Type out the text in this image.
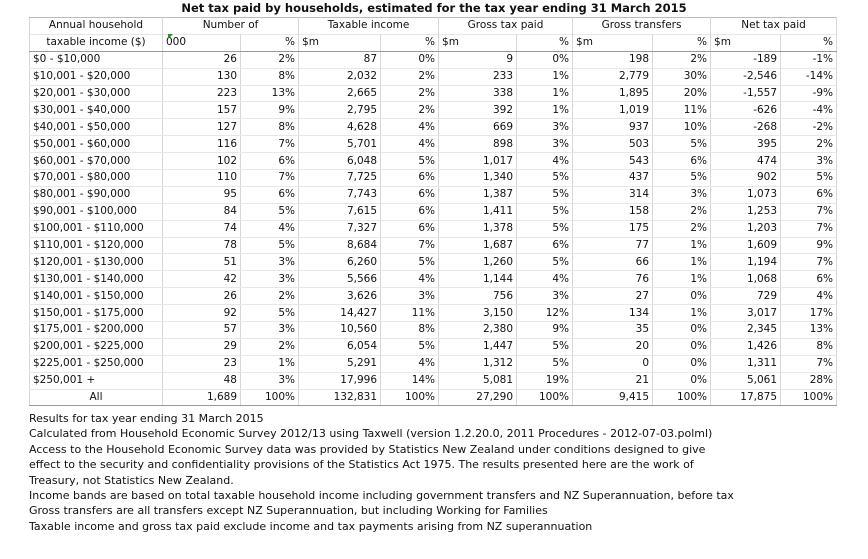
Net tax paid by households, estimated for the tax year ending 31 March 2015
Annual household	Number of		Taxable income		Gross tax paid		Gross transfers		Net tax paid	
taxable income ($)	000	%	$m	%	$m	%	$m	%	$m	%
$0 - $10,000	26	2%	87	0%	9	0%	198	2%	-189	-1%
$10,001 - $20,000	130	8%	2,032	2%	233	1%	2,779	30%	-2,546	-14%
$20,001 - $30,000	223	13%	2,665	2%	338	1%	1,895	20%	-1,557	-9%
$30,001 - $40,000	157	9%	2,795	2%	392	1%	1,019	11%	-626	-4%
$40,001 - $50,000	127	8%	4,628	4%	669	3%	937	10%	-268	-2%
$50,001 - $60,000	116	7%	5,701	4%	898	3%	503	5%	395	2%
$60,001 - $70,000	102	6%	6,048	5%	1,017	4%	543	6%	474	3%
$70,001 - $80,000	110	7%	7,725	6%	1,340	5%	437	5%	902	5%
$80,001 - $90,000	95	6%	7,743	6%	1,387	5%	314	3%	1,073	6%
$90,001 - $100,000	84	5%	7,615	6%	1,411	5%	158	2%	1,253	7%
$100,001 - $110,000	74	4%	7,327	6%	1,378	5%	175	2%	1,203	7%
$110,001 - $120,000	78	5%	8,684	7%	1,687	6%	77	1%	1,609	9%
$120,001 - $130,000	51	3%	6,260	5%	1,260	5%	66	1%	1,194	7%
$130,001 - $140,000	42	3%	5,566	4%	1,144	4%	76	1%	1,068	6%
$140,001 - $150,000	26	2%	3,626	3%	756	3%	27	0%	729	4%
$150,001 - $175,000	92	5%	14,427	11%	3,150	12%	134	1%	3,017	17%
$175,001 - $200,000	57	3%	10,560	8%	2,380	9%	35	0%	2,345	13%
$200,001 - $225,000	29	2%	6,054	5%	1,447	5%	20	0%	1,426	8%
$225,001 - $250,000	23	1%	5,291	4%	1,312	5%	0	0%	1,311	7%
$250,001 +	48	3%	17,996	14%	5,081	19%	21	0%	5,061	28%
All	1,689	100%	132,831	100%	27,290	100%	9,415	100%	17,875	100%
Results for tax year ending 31 March 2015
Calculated from Household Economic Survey 2012/13 using Taxwell (version 1.2.20.0, 2011 Procedures - 2012-07-03.polml)
Access to the Household Economic Survey data was provided by Statistics New Zealand under conditions designed to give
effect to the security and confidentiality provisions of the Statistics Act 1975. The results presented here are the work of
Treasury, not Statistics New Zealand.
Income bands are based on total taxable household income including government transfers and NZ Superannuation, before tax
Gross transfers are all transfers except NZ Superannuation, but including Working for Families
Taxable income and gross tax paid exclude income and tax payments arising from NZ superannuation
